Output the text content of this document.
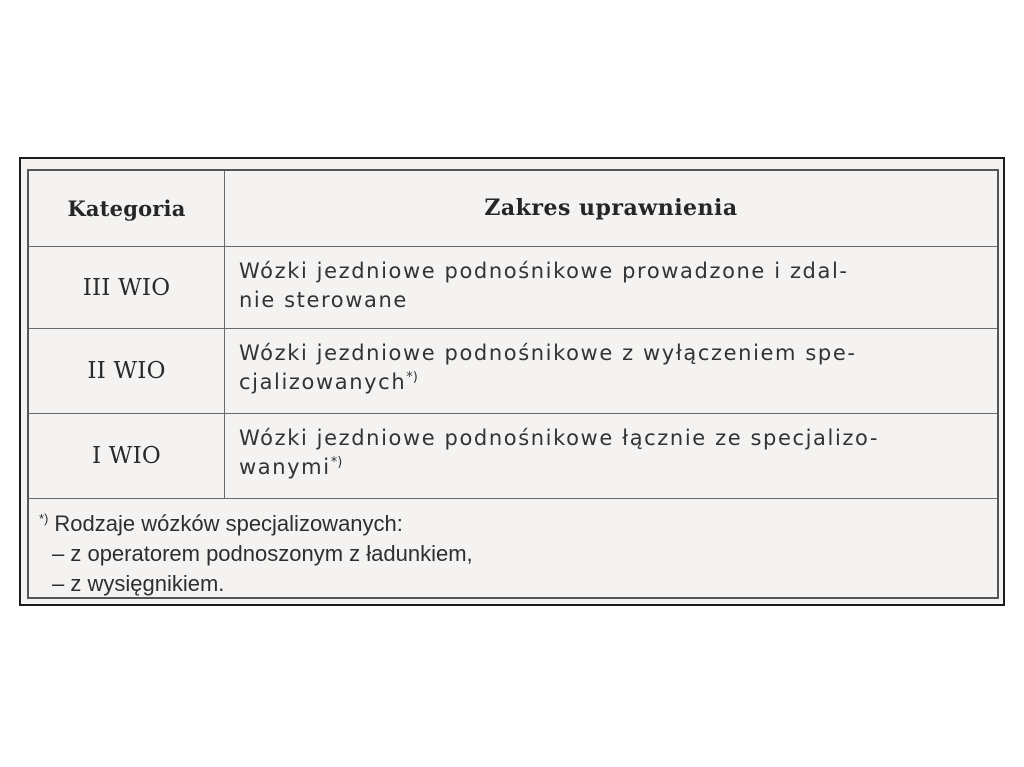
Kategoria	Zakres uprawnienia
III WIO
Wózki jezdniowe podnośnikowe prowadzone i zdal-
nie sterowane
II WIO
Wózki jezdniowe podnośnikowe z wyłączeniem spe-
cjalizowanych*)
I WIO
Wózki jezdniowe podnośnikowe łącznie ze specjalizo-
wanymi*)
*) Rodzaje wózków specjalizowanych:
– z operatorem podnoszonym z ładunkiem,
– z wysięgnikiem.
